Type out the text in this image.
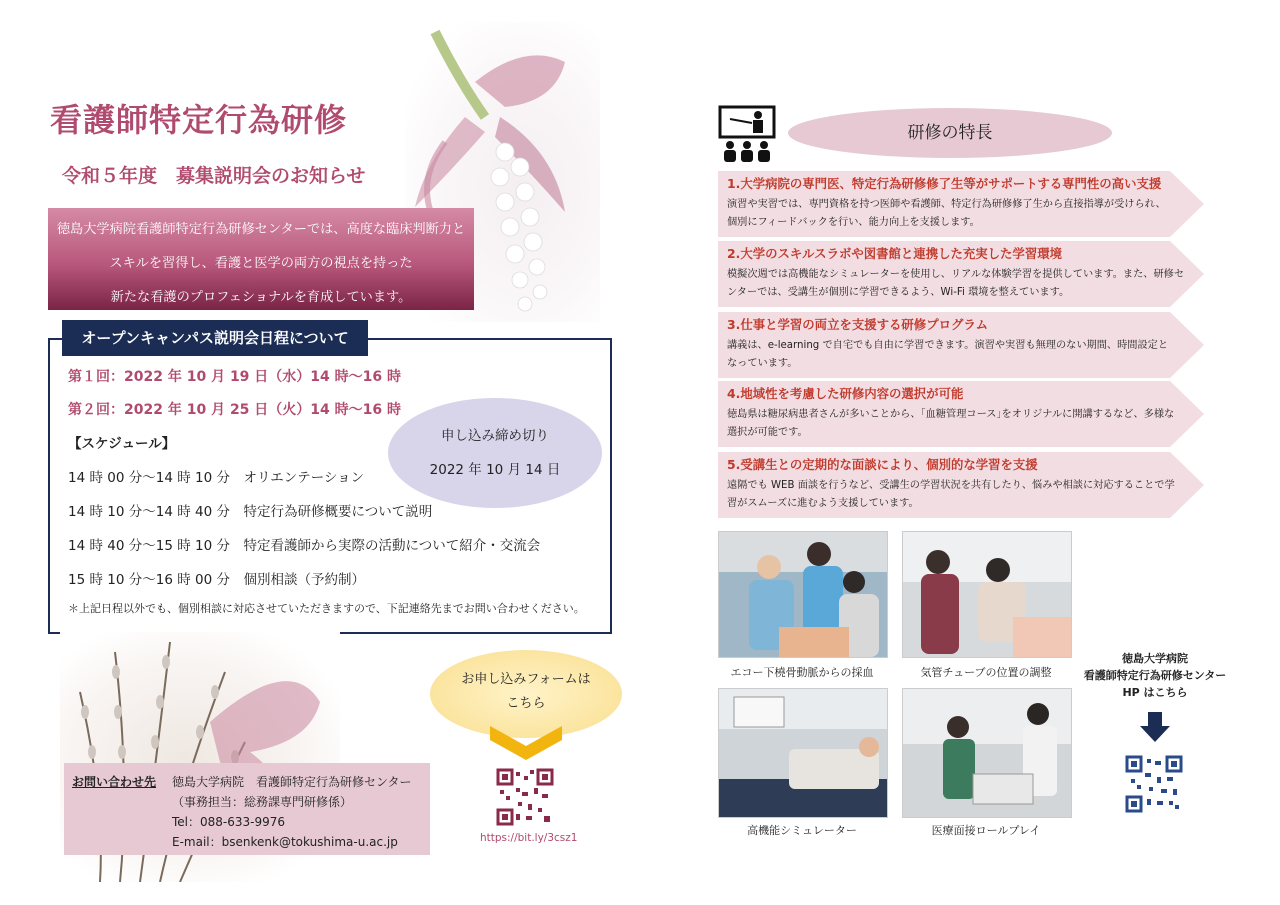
看護師特定行為研修
令和５年度　募集説明会のお知らせ
徳島大学病院看護師特定行為研修センターでは、高度な臨床判断力と
スキルを習得し、看護と医学の両方の視点を持った
新たな看護のプロフェショナルを育成しています。
オープンキャンパス説明会日程について
第１回：2022 年 10 月 19 日（水）14 時～16 時
第２回：2022 年 10 月 25 日（火）14 時～16 時
【スケジュール】
14 時 00 分～14 時 10 分　オリエンテーション
14 時 10 分～14 時 40 分　特定行為研修概要について説明
14 時 40 分～15 時 10 分　特定看護師から実際の活動について紹介・交流会
15 時 10 分～16 時 00 分　個別相談（予約制）
＊上記日程以外でも、個別相談に対応させていただきますので、下記連絡先までお問い合わせください。
申し込み締め切り
2022 年 10 月 14 日
お問い合わせ先 徳島大学病院　看護師特定行為研修センター
（事務担当：総務課専門研修係）
Tel：088-633-9976
E-mail：bsenkenk@tokushima-u.ac.jp
お申し込みフォームは
こちら
https://bit.ly/3csz1
研修の特長
1.大学病院の専門医、特定行為研修修了生等がサポートする専門性の高い支援
演習や実習では、専門資格を持つ医師や看護師、特定行為研修修了生から直接指導が受けられ、
個別にフィードバックを行い、能力向上を支援します。
2.大学のスキルスラボや図書館と連携した充実した学習環境
模擬次週では高機能なシミュレーターを使用し、リアルな体験学習を提供しています。また、研修セ
ンターでは、受講生が個別に学習できるよう、Wi-Fi 環境を整えています。
3.仕事と学習の両立を支援する研修プログラム
講義は、e-learning で自宅でも自由に学習できます。演習や実習も無理のない期間、時間設定と
なっています。
4.地域性を考慮した研修内容の選択が可能
徳島県は糖尿病患者さんが多いことから、｢血糖管理コース｣をオリジナルに開講するなど、多様な
選択が可能です。
5.受講生との定期的な面談により、個別的な学習を支援
遠隔でも WEB 面談を行うなど、受講生の学習状況を共有したり、悩みや相談に対応することで学
習がスムーズに進むよう支援しています。
エコー下橈骨動脈からの採血	気管チューブの位置の調整
高機能シミュレーター	医療面接ロールプレイ
徳島大学病院
看護師特定行為研修センター
HP はこちら
